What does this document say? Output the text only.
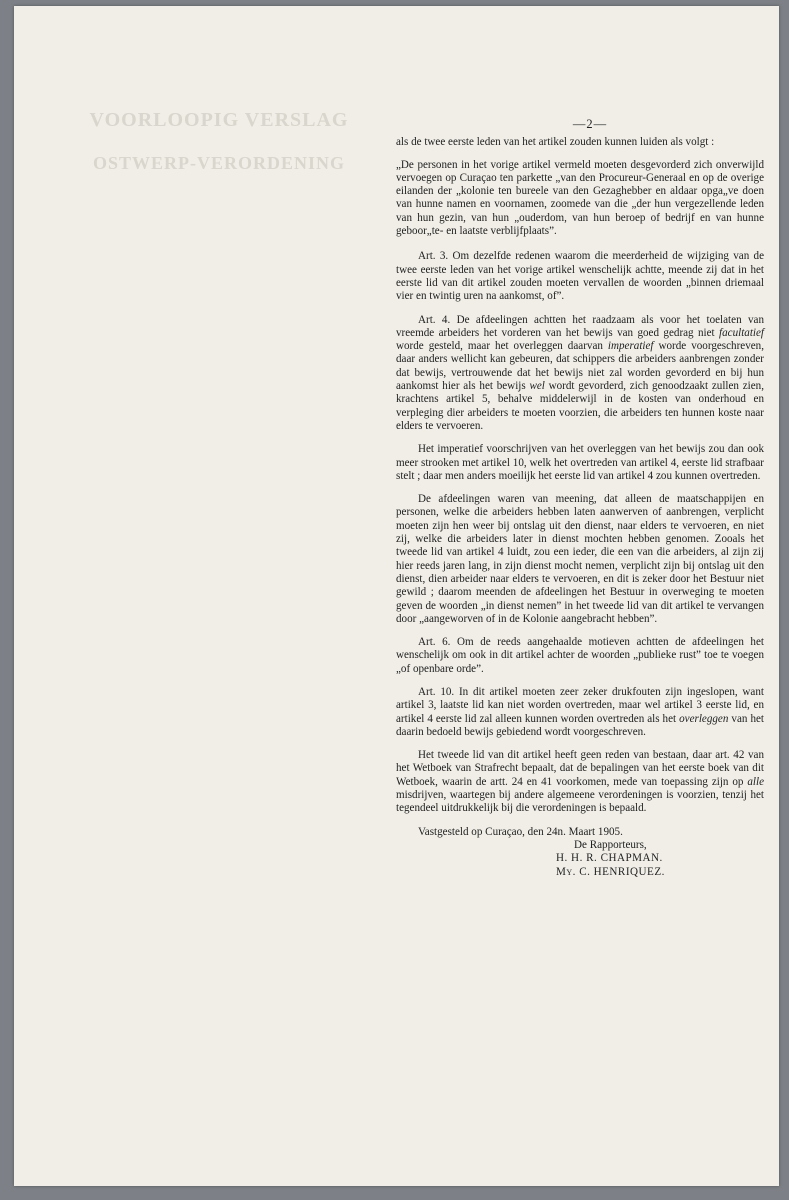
VOORLOOPIG VERSLAG
OSTWERP-VERORDENING
—2—

als de twee eerste leden van het artikel zouden kunnen luiden als volgt :

„De personen in het vorige artikel vermeld moeten desgevorderd zich onverwijld vervoegen op Curaçao ten parkette „van den Procureur-Generaal en op de overige eilanden der „kolonie ten bureele van den Gezaghebber en aldaar opga„ve doen van hunne namen en voornamen, zoomede van die „der hun vergezellende leden van hun gezin, van hun „ouderdom, van hun beroep of bedrijf en van hunne geboor„te- en laatste verblijfplaats”.

Art. 3. Om dezelfde redenen waarom die meerderheid de wijziging van de twee eerste leden van het vorige artikel wenschelijk achtte, meende zij dat in het eerste lid van dit artikel zouden moeten vervallen de woorden „binnen driemaal vier en twintig uren na aankomst, of”.

Art. 4. De afdeelingen achtten het raadzaam als voor het toelaten van vreemde arbeiders het vorderen van het bewijs van goed gedrag niet facultatief worde gesteld, maar het overleggen daarvan imperatief worde voorgeschreven, daar anders wellicht kan gebeuren, dat schippers die arbeiders aanbrengen zonder dat bewijs, vertrouwende dat het bewijs niet zal worden gevorderd en bij hun aankomst hier als het bewijs wel wordt gevorderd, zich genoodzaakt zullen zien, krachtens artikel 5, behalve middelerwijl in de kosten van onderhoud en verpleging dier arbeiders te moeten voorzien, die arbeiders ten hunnen koste naar elders te vervoeren.

Het imperatief voorschrijven van het overleggen van het bewijs zou dan ook meer strooken met artikel 10, welk het overtreden van artikel 4, eerste lid strafbaar stelt ; daar men anders moeilijk het eerste lid van artikel 4 zou kunnen overtreden.

De afdeelingen waren van meening, dat alleen de maatschappijen en personen, welke die arbeiders hebben laten aanwerven of aanbrengen, verplicht moeten zijn hen weer bij ontslag uit den dienst, naar elders te vervoeren, en niet zij, welke die arbeiders later in dienst mochten hebben genomen. Zooals het tweede lid van artikel 4 luidt, zou een ieder, die een van die arbeiders, al zijn zij hier reeds jaren lang, in zijn dienst mocht nemen, verplicht zijn bij ontslag uit den dienst, dien arbeider naar elders te vervoeren, en dit is zeker door het Bestuur niet gewild ; daarom meenden de afdeelingen het Bestuur in overweging te moeten geven de woorden „in dienst nemen” in het tweede lid van dit artikel te vervangen door „aangeworven of in de Kolonie aangebracht hebben”.

Art. 6. Om de reeds aangehaalde motieven achtten de afdeelingen het wenschelijk om ook in dit artikel achter de woorden „publieke rust” toe te voegen „of openbare orde”.

Art. 10. In dit artikel moeten zeer zeker drukfouten zijn ingeslopen, want artikel 3, laatste lid kan niet worden overtreden, maar wel artikel 3 eerste lid, en artikel 4 eerste lid zal alleen kunnen worden overtreden als het overleggen van het daarin bedoeld bewijs gebiedend wordt voorgeschreven.

Het tweede lid van dit artikel heeft geen reden van bestaan, daar art. 42 van het Wetboek van Strafrecht bepaalt, dat de bepalingen van het eerste boek van dit Wetboek, waarin de artt. 24 en 41 voorkomen, mede van toepassing zijn op alle misdrijven, waartegen bij andere algemeene verordeningen is voorzien, tenzij het tegendeel uitdrukkelijk bij die verordeningen is bepaald.

Vastgesteld op Curaçao, den 24n. Maart 1905.

De Rapporteurs,

H. H. R. CHAPMAN.

My. C. HENRIQUEZ.
